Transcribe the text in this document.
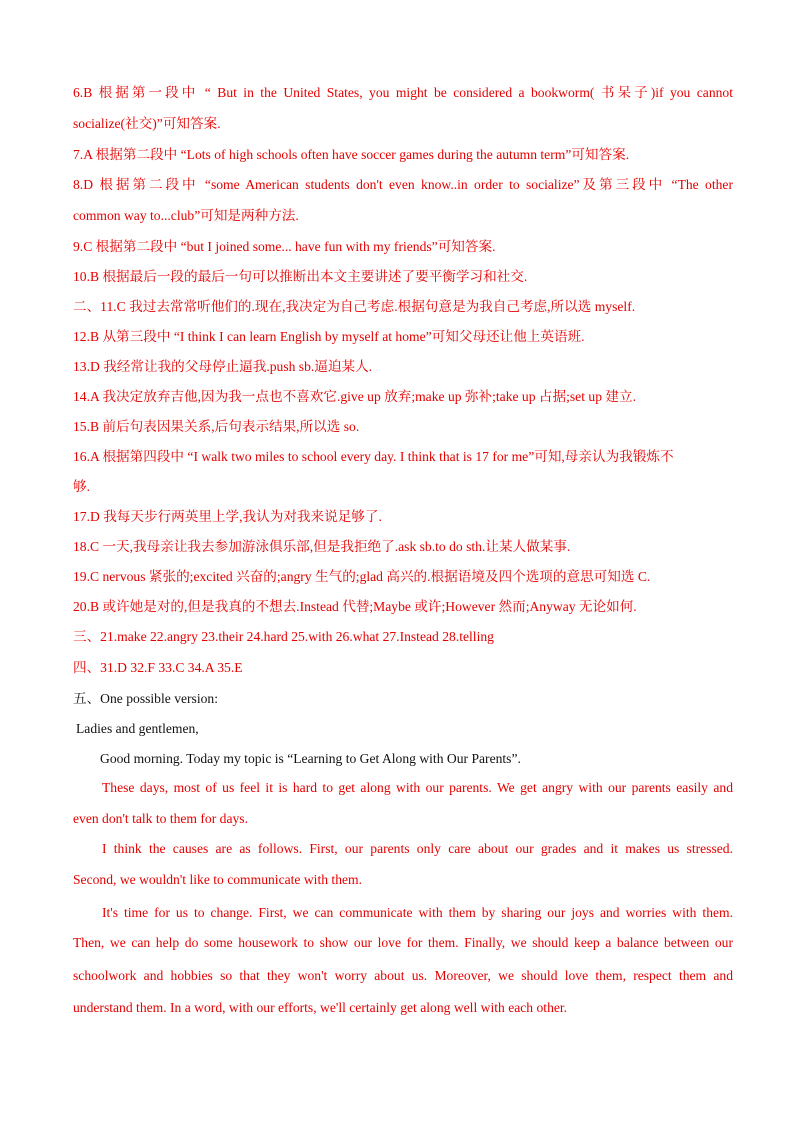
6.B 根据第一段中 “ But in the United States, you might be considered a bookworm( 书呆子)if you cannot
socialize(社交)”可知答案.
7.A 根据第二段中 “Lots of high schools often have soccer games during the autumn term”可知答案.
8.D 根据第二段中 “some American students don't even know..in order to socialize”及第三段中 “The other
common way to...club”可知是两种方法.
9.C 根据第二段中 “but I joined some... have fun with my friends”可知答案.
10.B 根据最后一段的最后一句可以推断出本文主要讲述了要平衡学习和社交.
二、11.C 我过去常常听他们的.现在,我决定为自己考虑.根据句意是为我自己考虑,所以选 myself.
12.B 从第三段中 “I think I can learn English by myself at home”可知父母还让他上英语班.
13.D 我经常让我的父母停止逼我.push sb.逼迫某人.
14.A 我决定放弃吉他,因为我一点也不喜欢它.give up 放弃;make up 弥补;take up 占据;set up 建立.
15.B 前后句表因果关系,后句表示结果,所以选 so.
16.A 根据第四段中 “I walk two miles to school every day. I think that is 17 for me”可知,母亲认为我锻炼不
够.
17.D 我每天步行两英里上学,我认为对我来说足够了.
18.C 一天,我母亲让我去参加游泳俱乐部,但是我拒绝了.ask sb.to do sth.让某人做某事.
19.C nervous 紧张的;excited 兴奋的;angry 生气的;glad 高兴的.根据语境及四个选项的意思可知选 C.
20.B 或许她是对的,但是我真的不想去.Instead 代替;Maybe 或许;However 然而;Anyway 无论如何.
三、21.make 22.angry 23.their 24.hard 25.with 26.what 27.Instead 28.telling
四、31.D 32.F 33.C 34.A 35.E
五、One possible version:
Ladies and gentlemen,
Good morning. Today my topic is “Learning to Get Along with Our Parents”.
These days, most of us feel it is hard to get along with our parents. We get angry with our parents easily and
even don't talk to them for days.
I think the causes are as follows. First, our parents only care about our grades and it makes us stressed.
Second, we wouldn't like to communicate with them.
It's time for us to change. First, we can communicate with them by sharing our joys and worries with them.
Then, we can help do some housework to show our love for them. Finally, we should keep a balance between our
schoolwork and hobbies so that they won't worry about us. Moreover, we should love them, respect them and
understand them. In a word, with our efforts, we'll certainly get along well with each other.
